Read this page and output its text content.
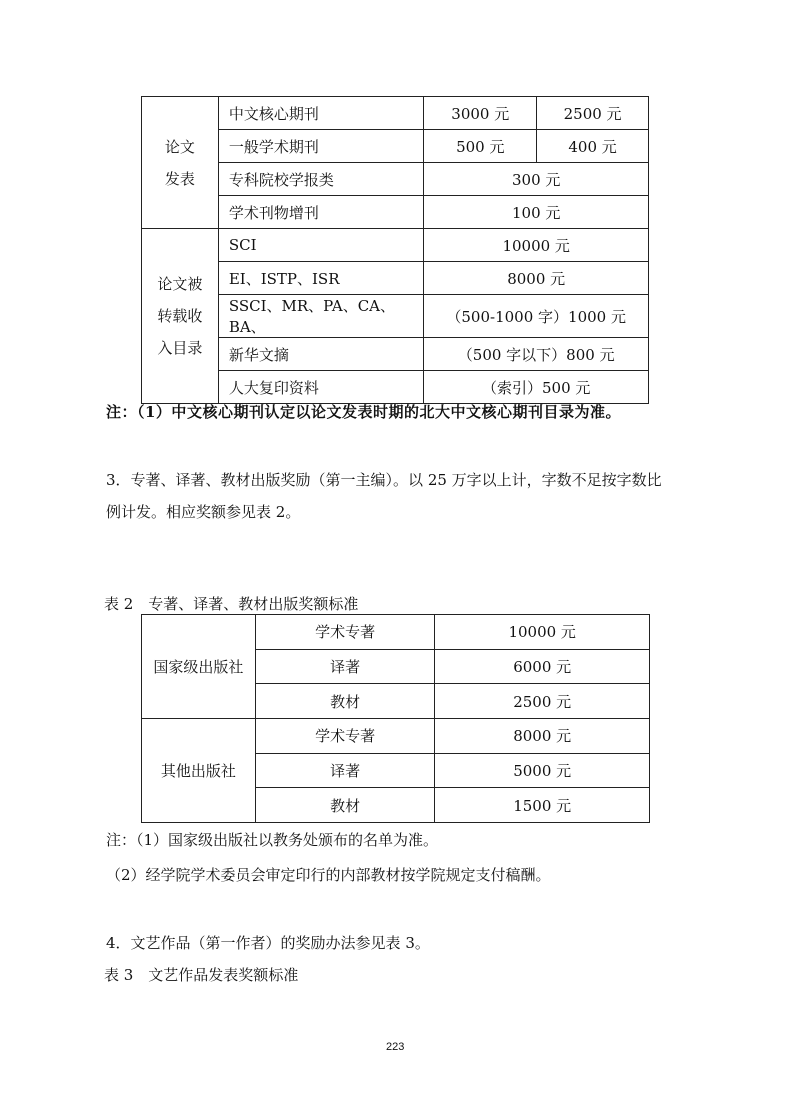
论文
发表	中文核心期刊	3000 元	2500 元
	一般学术期刊	500 元	400 元
	专科院校学报类	300 元	
	学术刊物增刊	100 元	

论文被
转载收
入目录	SCI	10000 元	
	EI、ISTP、ISR	8000 元	
	SSCI、MR、PA、CA、BA、	（500-1000 字）1000 元	
	新华文摘	（500 字以下）800 元	
	人大复印资料	（索引）500 元	
注：（1）中文核心期刊认定以论文发表时期的北大中文核心期刊目录为准。
3．专著、译著、教材出版奖励（第一主编）。以 25 万字以上计，字数不足按字数比例计发。相应奖额参见表 2。
表 2　专著、译著、教材出版奖额标准
国家级出版社	学术专著	10000 元
	译著	6000 元
	教材	2500 元
其他出版社	学术专著	8000 元
	译著	5000 元
	教材	1500 元
注：（1）国家级出版社以教务处颁布的名单为准。
（2）经学院学术委员会审定印行的内部教材按学院规定支付稿酬。
4．文艺作品（第一作者）的奖励办法参见表 3。
表 3　文艺作品发表奖额标准
223
